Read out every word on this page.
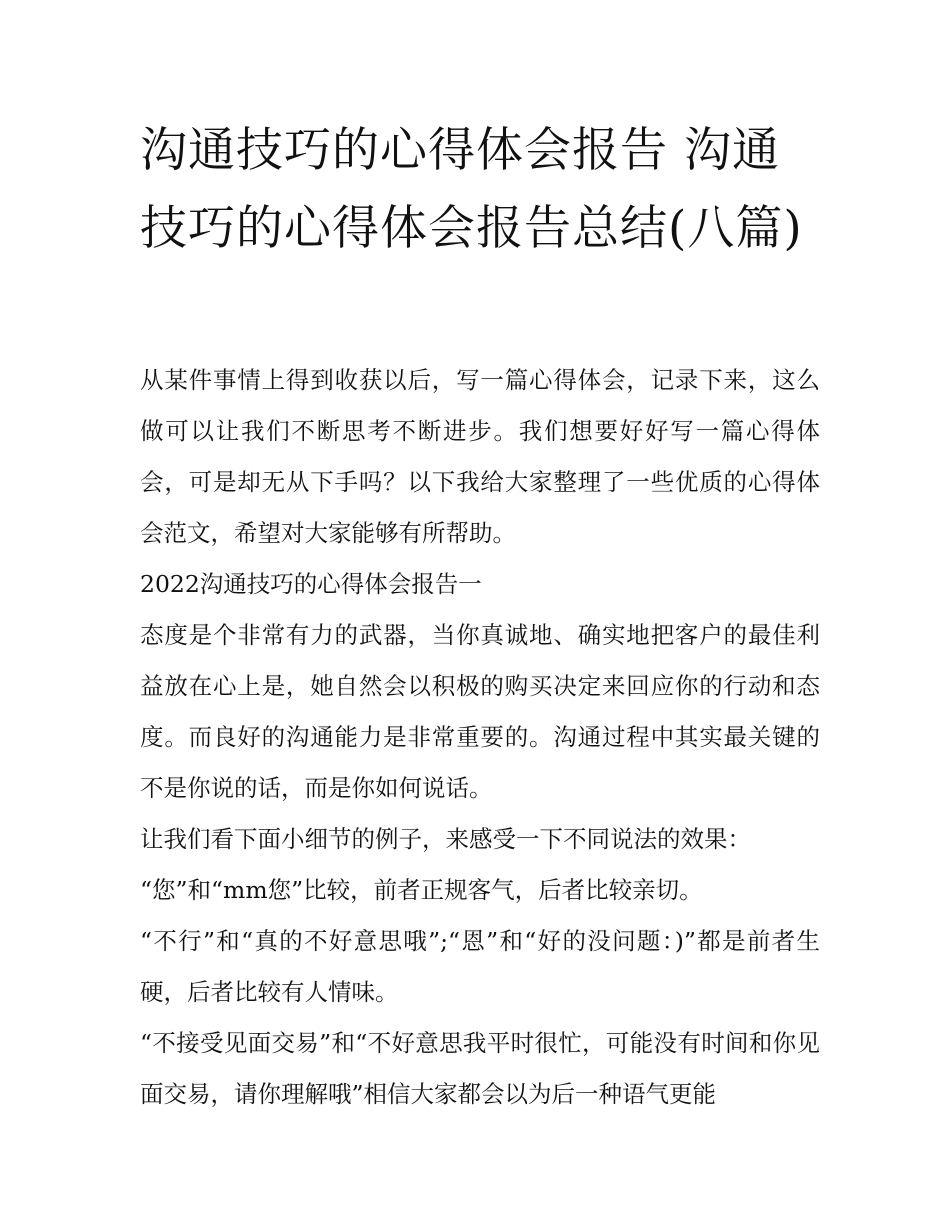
沟通技巧的心得体会报告 沟通技巧的心得体会报告总结(八篇)

从某件事情上得到收获以后，写一篇心得体会，记录下来，这么做可以让我们不断思考不断进步。我们想要好好写一篇心得体会，可是却无从下手吗？以下我给大家整理了一些优质的心得体会范文，希望对大家能够有所帮助。

2022沟通技巧的心得体会报告一

态度是个非常有力的武器，当你真诚地、确实地把客户的最佳利益放在心上是，她自然会以积极的购买决定来回应你的行动和态度。而良好的沟通能力是非常重要的。沟通过程中其实最关键的不是你说的话，而是你如何说话。

让我们看下面小细节的例子，来感受一下不同说法的效果：

“您”和“mm您”比较，前者正规客气，后者比较亲切。

“不行”和“真的不好意思哦”;“恩”和“好的没问题：)”都是前者生硬，后者比较有人情味。

“不接受见面交易”和“不好意思我平时很忙，可能没有时间和你见面交易，请你理解哦”相信大家都会以为后一种语气更能
